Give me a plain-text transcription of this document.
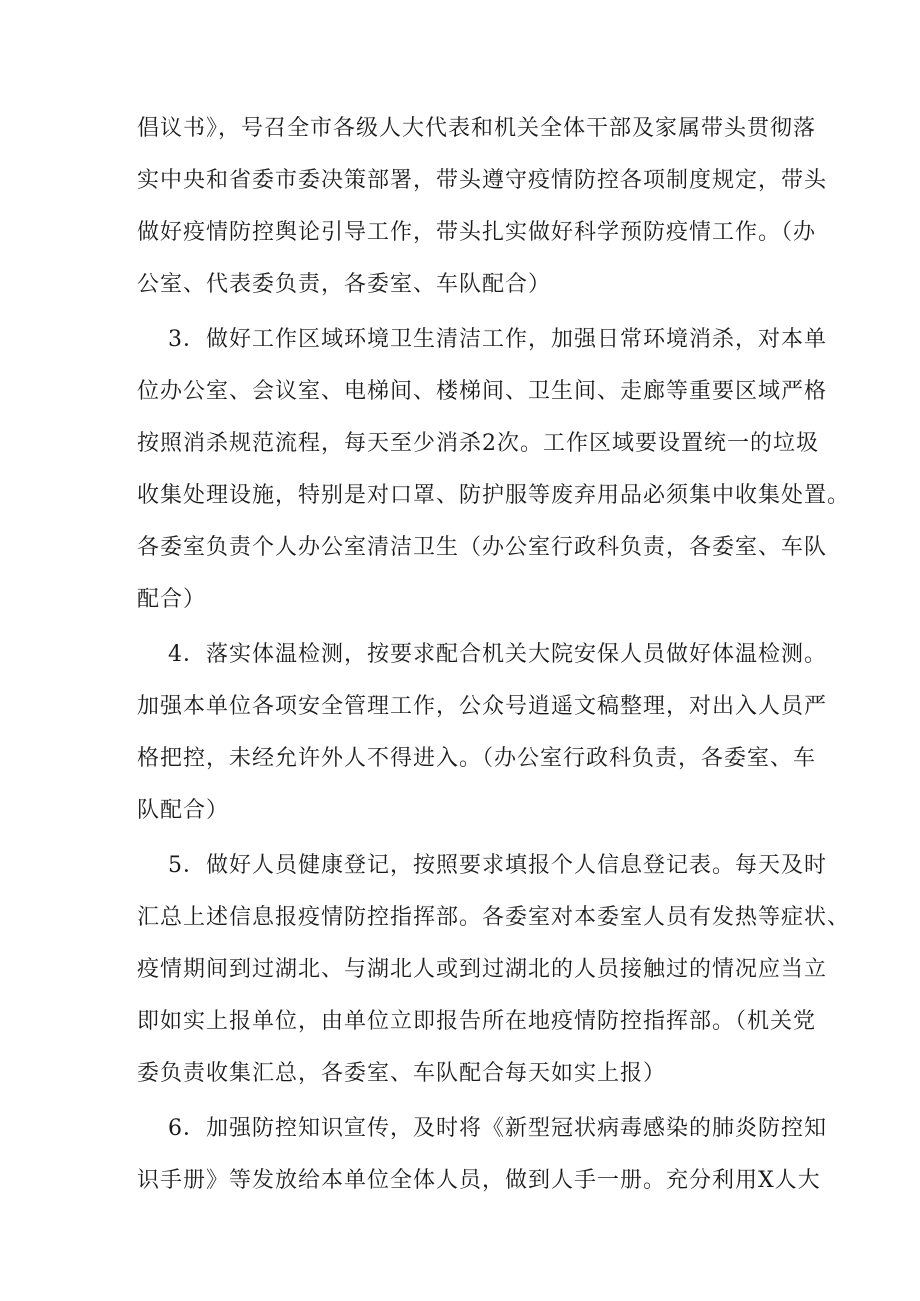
倡议书》，号召全市各级人大代表和机关全体干部及家属带头贯彻落
实中央和省委市委决策部署，带头遵守疫情防控各项制度规定，带头
做好疫情防控舆论引导工作，带头扎实做好科学预防疫情工作。（办
公室、代表委负责，各委室、车队配合）
3．做好工作区域环境卫生清洁工作，加强日常环境消杀，对本单
位办公室、会议室、电梯间、楼梯间、卫生间、走廊等重要区域严格
按照消杀规范流程，每天至少消杀2次。工作区域要设置统一的垃圾
收集处理设施，特别是对口罩、防护服等废弃用品必须集中收集处置。
各委室负责个人办公室清洁卫生（办公室行政科负责，各委室、车队
配合）
4．落实体温检测，按要求配合机关大院安保人员做好体温检测。
加强本单位各项安全管理工作，公众号逍遥文稿整理，对出入人员严
格把控，未经允许外人不得进入。（办公室行政科负责，各委室、车
队配合）
5．做好人员健康登记，按照要求填报个人信息登记表。每天及时
汇总上述信息报疫情防控指挥部。各委室对本委室人员有发热等症状、
疫情期间到过湖北、与湖北人或到过湖北的人员接触过的情况应当立
即如实上报单位，由单位立即报告所在地疫情防控指挥部。（机关党
委负责收集汇总，各委室、车队配合每天如实上报）
6．加强防控知识宣传，及时将《新型冠状病毒感染的肺炎防控知
识手册》等发放给本单位全体人员，做到人手一册。充分利用X人大
